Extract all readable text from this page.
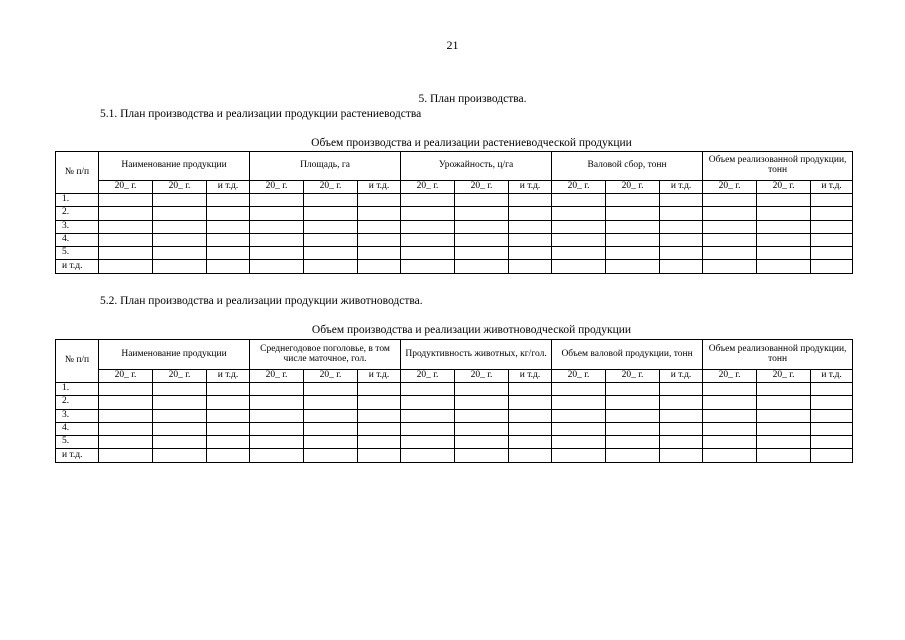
21
5. План производства.
5.1. План производства и реализации продукции растениеводства
Объем производства и реализации растениеводческой продукции
№ п/п	Наименование продукции			Площадь, га			Урожайность, ц/га			Валовой сбор, тонн			Объем реализованной продукции, тонн		
	20_ г.	20_ г.	и т.д.	20_ г.	20_ г.	и т.д.	20_ г.	20_ г.	и т.д.	20_ г.	20_ г.	и т.д.	20_ г.	20_ г.	и т.д.
1.															
2.															
3.															
4.															
5.															
и т.д.															
5.2. План производства и реализации продукции животноводства.
Объем производства и реализации животноводческой продукции
№ п/п	Наименование продукции			Среднегодовое поголовье, в том числе маточное, гол.			Продуктивность животных, кг/гол.			Объем валовой продукции, тонн			Объем реализованной продукции, тонн		
	20_ г.	20_ г.	и т.д.	20_ г.	20_ г.	и т.д.	20_ г.	20_ г.	и т.д.	20_ г.	20_ г.	и т.д.	20_ г.	20_ г.	и т.д.
1.															
2.															
3.															
4.															
5.															
и т.д.															
